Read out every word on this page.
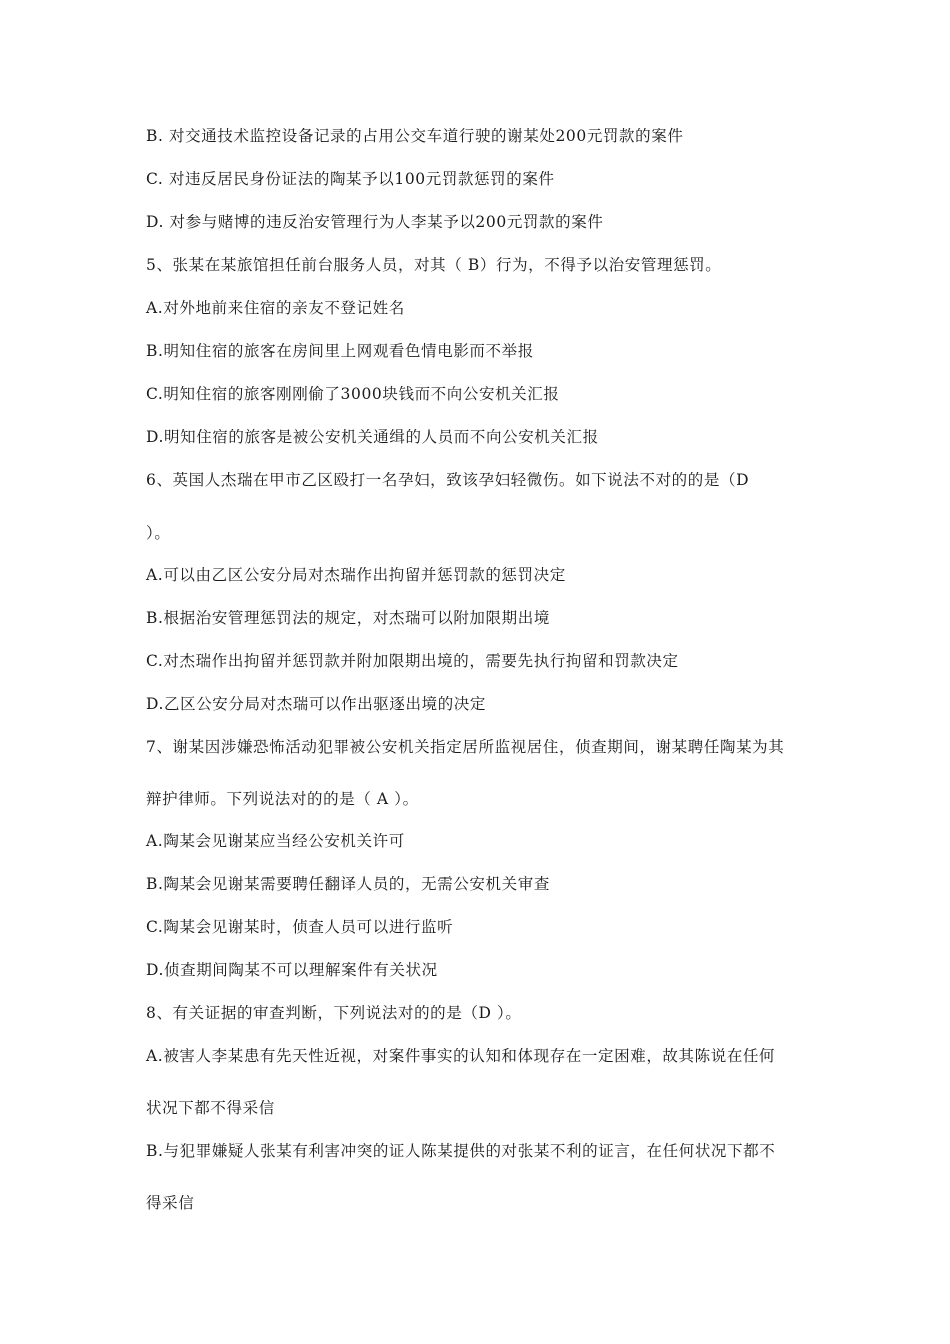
B. 对交通技术监控设备记录的占用公交车道行驶的谢某处200元罚款的案件
C. 对违反居民身份证法的陶某予以100元罚款惩罚的案件
D. 对参与赌博的违反治安管理行为人李某予以200元罚款的案件
5、张某在某旅馆担任前台服务人员，对其（ B）行为，不得予以治安管理惩罚。
A.对外地前来住宿的亲友不登记姓名
B.明知住宿的旅客在房间里上网观看色情电影而不举报
C.明知住宿的旅客刚刚偷了3000块钱而不向公安机关汇报
D.明知住宿的旅客是被公安机关通缉的人员而不向公安机关汇报
6、英国人杰瑞在甲市乙区殴打一名孕妇，致该孕妇轻微伤。如下说法不对的的是（D
）。
A.可以由乙区公安分局对杰瑞作出拘留并惩罚款的惩罚决定
B.根据治安管理惩罚法的规定，对杰瑞可以附加限期出境
C.对杰瑞作出拘留并惩罚款并附加限期出境的，需要先执行拘留和罚款决定
D.乙区公安分局对杰瑞可以作出驱逐出境的决定
7、谢某因涉嫌恐怖活动犯罪被公安机关指定居所监视居住，侦查期间，谢某聘任陶某为其
辩护律师。下列说法对的的是（ A ）。
A.陶某会见谢某应当经公安机关许可
B.陶某会见谢某需要聘任翻译人员的，无需公安机关审查
C.陶某会见谢某时，侦查人员可以进行监听
D.侦查期间陶某不可以理解案件有关状况
8、有关证据的审查判断，下列说法对的的是（D ）。
A.被害人李某患有先天性近视，对案件事实的认知和体现存在一定困难，故其陈说在任何
状况下都不得采信
B.与犯罪嫌疑人张某有利害冲突的证人陈某提供的对张某不利的证言，在任何状况下都不
得采信
